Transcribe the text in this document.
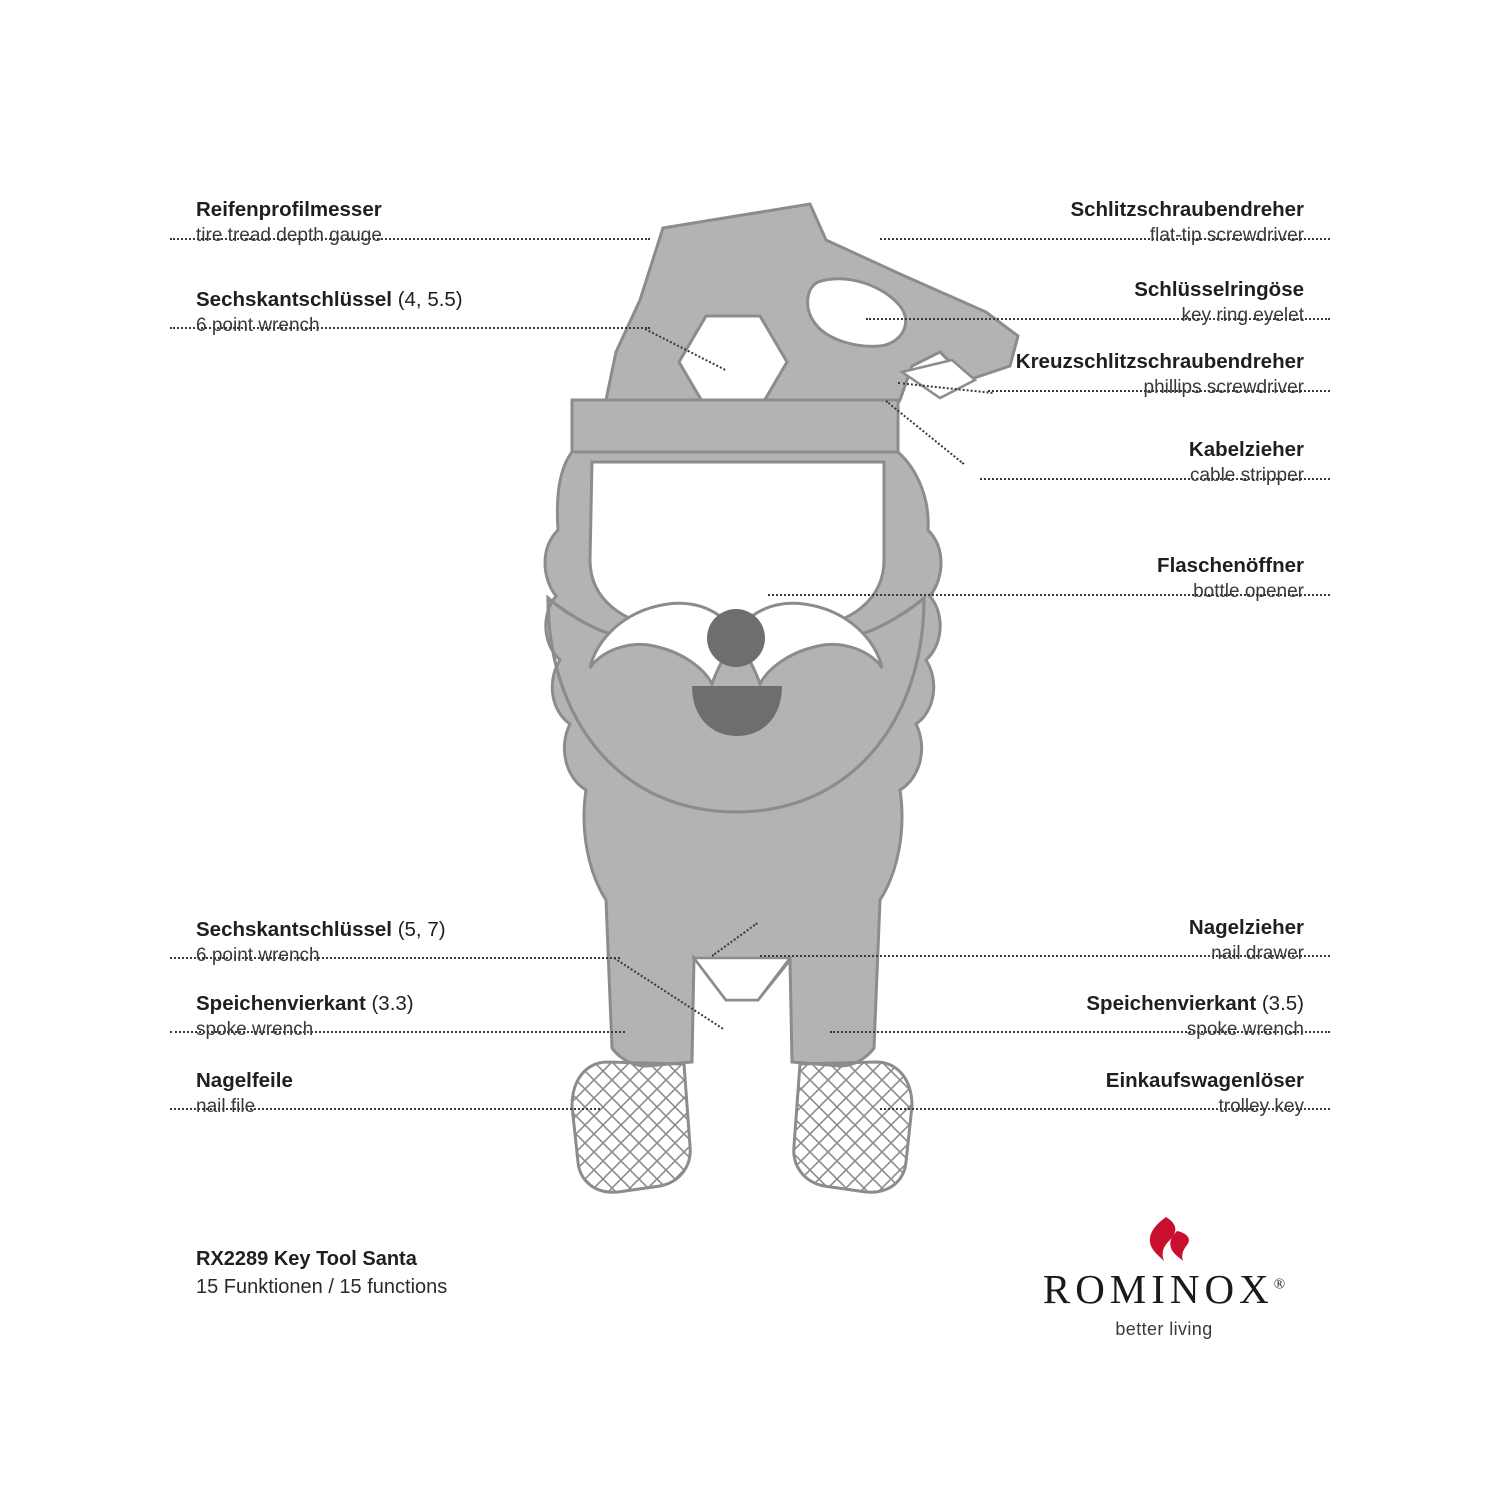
Reifenprofilmesser
tire tread depth gauge
Sechskantschlüssel (4, 5.5)
6 point wrench
Sechskantschlüssel (5, 7)
6 point wrench
Speichenvierkant (3.3)
spoke wrench
Nagelfeile
nail file
Schlitzschraubendreher
flat-tip screwdriver
Schlüsselringöse
key ring eyelet
Kreuzschlitzschraubendreher
phillips screwdriver
Kabelzieher
cable stripper
Flaschenöffner
bottle opener
Nagelzieher
nail drawer
Speichenvierkant (3.5)
spoke wrench
Einkaufswagenlöser
trolley key
RX2289 Key Tool Santa
15 Funktionen / 15 functions	ROMINOX®
better living
